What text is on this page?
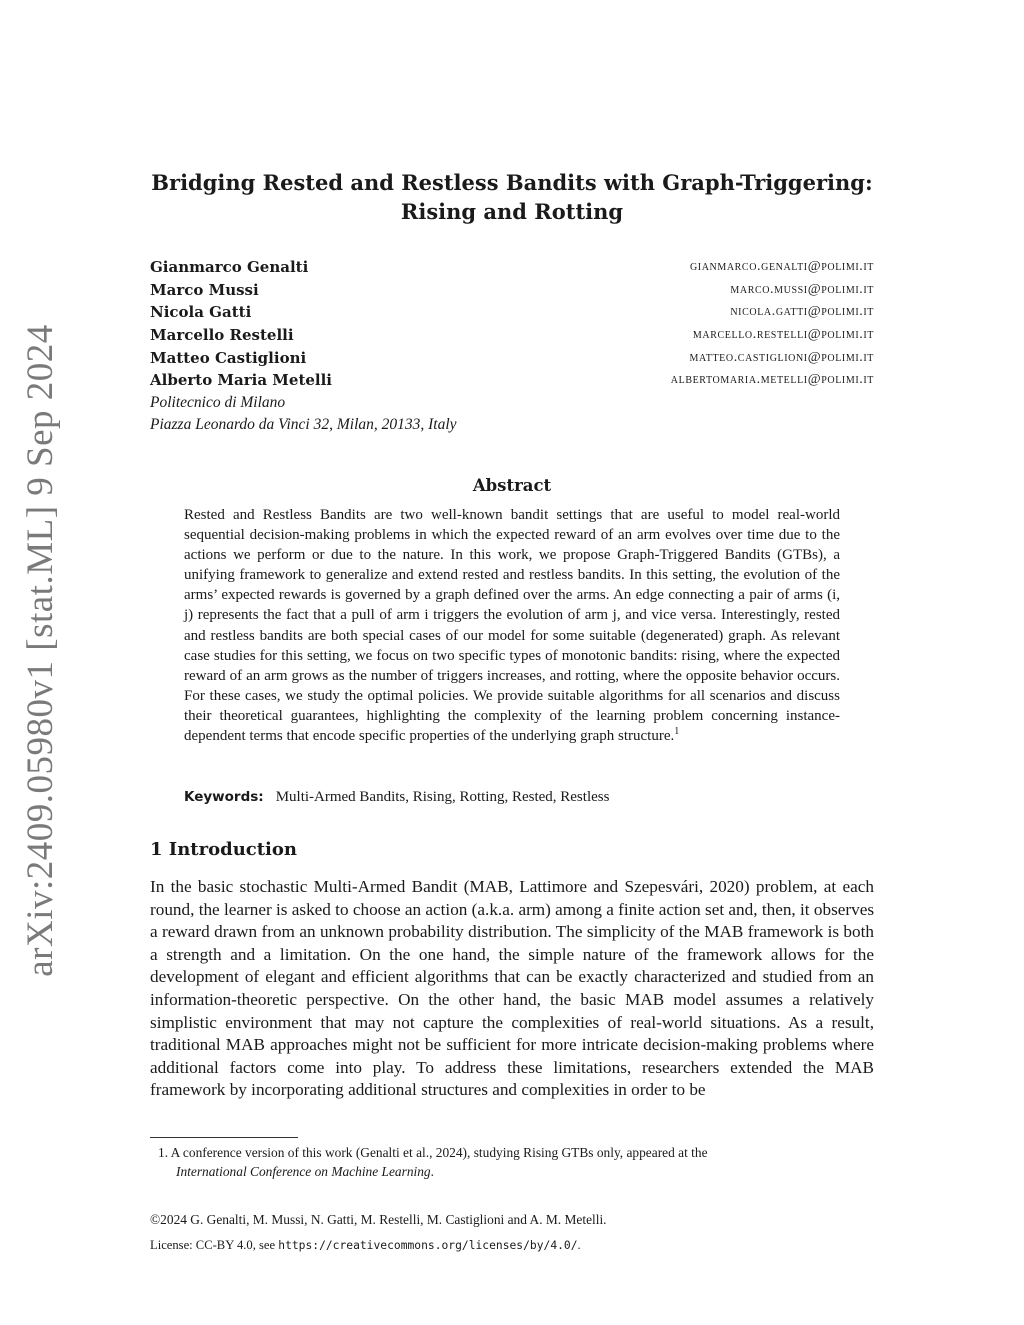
arXiv:2409.05980v1 [stat.ML] 9 Sep 2024
Bridging Rested and Restless Bandits with Graph-Triggering:
Rising and Rotting
Gianmarco Genalti	gianmarco.genalti@polimi.it
Marco Mussi	marco.mussi@polimi.it
Nicola Gatti	nicola.gatti@polimi.it
Marcello Restelli	marcello.restelli@polimi.it
Matteo Castiglioni	matteo.castiglioni@polimi.it
Alberto Maria Metelli	albertomaria.metelli@polimi.it
Politecnico di Milano
Piazza Leonardo da Vinci 32, Milan, 20133, Italy
Abstract
Rested and Restless Bandits are two well-known bandit settings that are useful to model real-world sequential decision-making problems in which the expected reward of an arm evolves over time due to the actions we perform or due to the nature. In this work, we propose Graph-Triggered Bandits (GTBs), a unifying framework to generalize and extend rested and restless bandits. In this setting, the evolution of the arms’ expected rewards is governed by a graph defined over the arms. An edge connecting a pair of arms (i, j) represents the fact that a pull of arm i triggers the evolution of arm j, and vice versa. Interestingly, rested and restless bandits are both special cases of our model for some suitable (degenerated) graph. As relevant case studies for this setting, we focus on two specific types of monotonic bandits: rising, where the expected reward of an arm grows as the number of triggers increases, and rotting, where the opposite behavior occurs. For these cases, we study the optimal policies. We provide suitable algorithms for all scenarios and discuss their theoretical guarantees, highlighting the complexity of the learning problem concerning instance-dependent terms that encode specific properties of the underlying graph structure.$^1$
Keywords: Multi-Armed Bandits, Rising, Rotting, Rested, Restless
1 Introduction
In the basic stochastic Multi-Armed Bandit (MAB, Lattimore and Szepesvári, 2020) problem, at each round, the learner is asked to choose an action (a.k.a. arm) among a finite action set and, then, it observes a reward drawn from an unknown probability distribution. The simplicity of the MAB framework is both a strength and a limitation. On the one hand, the simple nature of the framework allows for the development of elegant and efficient algorithms that can be exactly characterized and studied from an information-theoretic perspective. On the other hand, the basic MAB model assumes a relatively simplistic environment that may not capture the complexities of real-world situations. As a result, traditional MAB approaches might not be sufficient for more intricate decision-making problems where additional factors come into play. To address these limitations, researchers extended the MAB framework by incorporating additional structures and complexities in order to be
1. A conference version of this work (Genalti et al., 2024), studying Rising GTBs only, appeared at the
International Conference on Machine Learning.
©2024 G. Genalti, M. Mussi, N. Gatti, M. Restelli, M. Castiglioni and A. M. Metelli.
License: CC-BY 4.0, see https://creativecommons.org/licenses/by/4.0/.
